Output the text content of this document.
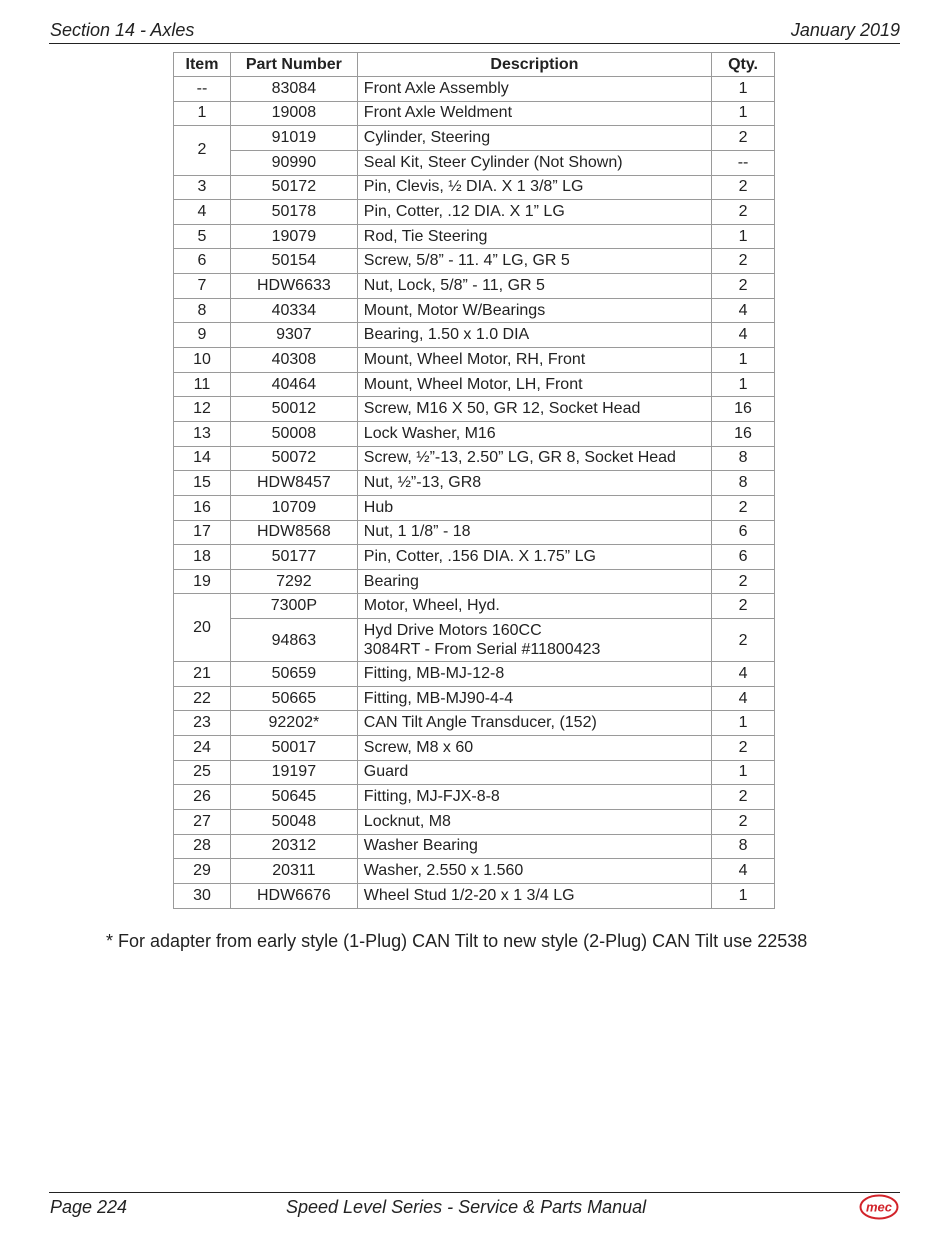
Section 14 - Axles	January 2019
Item	Part Number	Description	Qty.
--	83084	Front Axle Assembly	1
1	19008	Front Axle Weldment	1
2	91019	Cylinder, Steering	2
	90990	Seal Kit, Steer Cylinder (Not Shown)	--
3	50172	Pin, Clevis, ½ DIA. X 1 3/8” LG	2
4	50178	Pin, Cotter, .12 DIA. X 1” LG	2
5	19079	Rod, Tie Steering	1
6	50154	Screw, 5/8” - 11. 4” LG, GR 5	2
7	HDW6633	Nut, Lock, 5/8” - 11, GR 5	2
8	40334	Mount, Motor W/Bearings	4
9	9307	Bearing, 1.50 x 1.0 DIA	4
10	40308	Mount, Wheel Motor, RH, Front	1
11	40464	Mount, Wheel Motor, LH, Front	1
12	50012	Screw, M16 X 50, GR 12, Socket Head	16
13	50008	Lock Washer, M16	16
14	50072	Screw, ½”-13, 2.50” LG, GR 8, Socket Head	8
15	HDW8457	Nut, ½”-13, GR8	8
16	10709	Hub	2
17	HDW8568	Nut, 1 1/8” - 18	6
18	50177	Pin, Cotter, .156 DIA. X 1.75” LG	6
19	7292	Bearing	2
20	7300P	Motor, Wheel, Hyd.	2
	94863	Hyd Drive Motors 160CC
3084RT - From Serial #11800423	2
21	50659	Fitting, MB-MJ-12-8	4
22	50665	Fitting, MB-MJ90-4-4	4
23	92202*	CAN Tilt Angle Transducer, (152)	1
24	50017	Screw, M8 x 60	2
25	19197	Guard	1
26	50645	Fitting, MJ-FJX-8-8	2
27	50048	Locknut, M8	2
28	20312	Washer Bearing	8
29	20311	Washer, 2.550 x 1.560	4
30	HDW6676	Wheel Stud 1/2-20 x 1 3/4 LG	1
* For adapter from early style (1-Plug) CAN Tilt to new style (2-Plug) CAN Tilt use 22538
Page 224	Speed Level Series - Service & Parts Manual	mec
